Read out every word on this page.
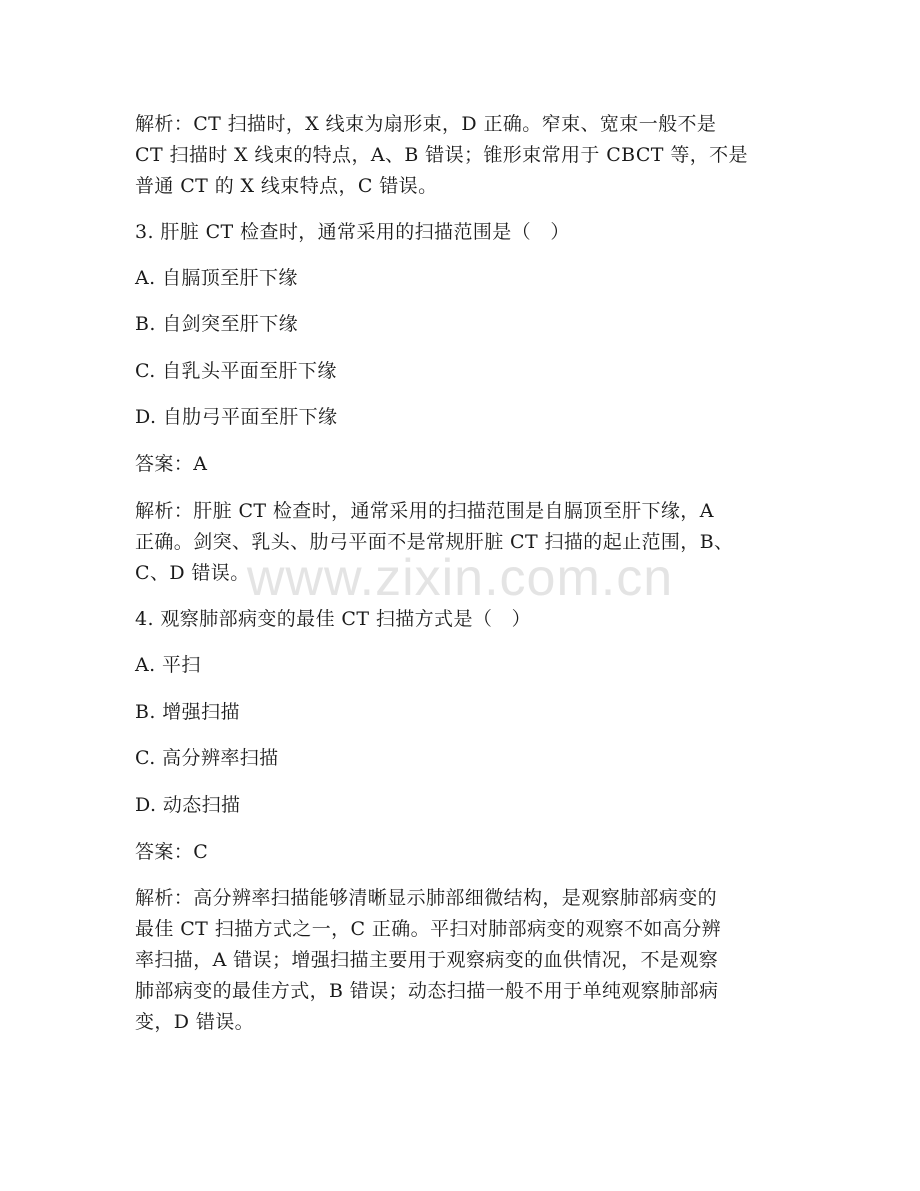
解析：CT 扫描时，X 线束为扇形束，D 正确。窄束、宽束一般不是
CT 扫描时 X 线束的特点，A、B 错误；锥形束常用于 CBCT 等，不是
普通 CT 的 X 线束特点，C 错误。
3. 肝脏 CT 检查时，通常采用的扫描范围是（   ）
A. 自膈顶至肝下缘
B. 自剑突至肝下缘
C. 自乳头平面至肝下缘
D. 自肋弓平面至肝下缘
答案：A
解析：肝脏 CT 检查时，通常采用的扫描范围是自膈顶至肝下缘，A
正确。剑突、乳头、肋弓平面不是常规肝脏 CT 扫描的起止范围，B、
C、D 错误。
4. 观察肺部病变的最佳 CT 扫描方式是（   ）
A. 平扫
B. 增强扫描
C. 高分辨率扫描
D. 动态扫描
答案：C
解析：高分辨率扫描能够清晰显示肺部细微结构，是观察肺部病变的
最佳 CT 扫描方式之一，C 正确。平扫对肺部病变的观察不如高分辨
率扫描，A 错误；增强扫描主要用于观察病变的血供情况，不是观察
肺部病变的最佳方式，B 错误；动态扫描一般不用于单纯观察肺部病
变，D 错误。
www.zixin.com.cn
